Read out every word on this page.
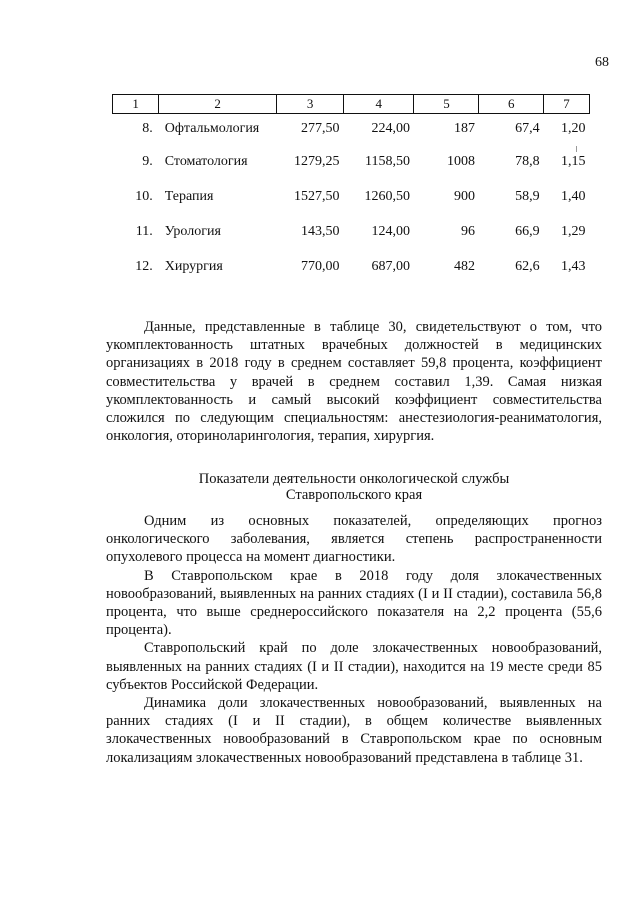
68
1	2	3	4	5	6	7
8.	Офтальмология	277,50	224,00	187	67,4	1,20
9.	Стоматология	1279,25	1158,50	1008	78,8	1,15
10.	Терапия	1527,50	1260,50	900	58,9	1,40
11.	Урология	143,50	124,00	96	66,9	1,29
12.	Хирургия	770,00	687,00	482	62,6	1,43

Данные, представленные в таблице 30, свидетельствуют о том, что укомплектованность штатных врачебных должностей в медицинских организациях в 2018 году в среднем составляет 59,8 процента, коэффициент совместительства у врачей в среднем составил 1,39. Самая низкая укомплектованность и самый высокий коэффициент совместительства сложился по следующим специальностям: анестезиология-реаниматология, онкология, оториноларингология, терапия, хирургия.

Показатели деятельности онкологической службы
Ставропольского края

Одним из основных показателей, определяющих прогноз онкологического заболевания, является степень распространенности опухолевого процесса на момент диагностики.

В Ставропольском крае в 2018 году доля злокачественных новообразований, выявленных на ранних стадиях (I и II стадии), составила 56,8 процента, что выше среднероссийского показателя на 2,2 процента (55,6 процента).

Ставропольский край по доле злокачественных новообразований, выявленных на ранних стадиях (I и II стадии), находится на 19 месте среди 85 субъектов Российской Федерации.

Динамика доли злокачественных новообразований, выявленных на ранних стадиях (I и II стадии), в общем количестве выявленных злокачественных новообразований в Ставропольском крае по основным локализациям злокачественных новообразований представлена в таблице 31.
